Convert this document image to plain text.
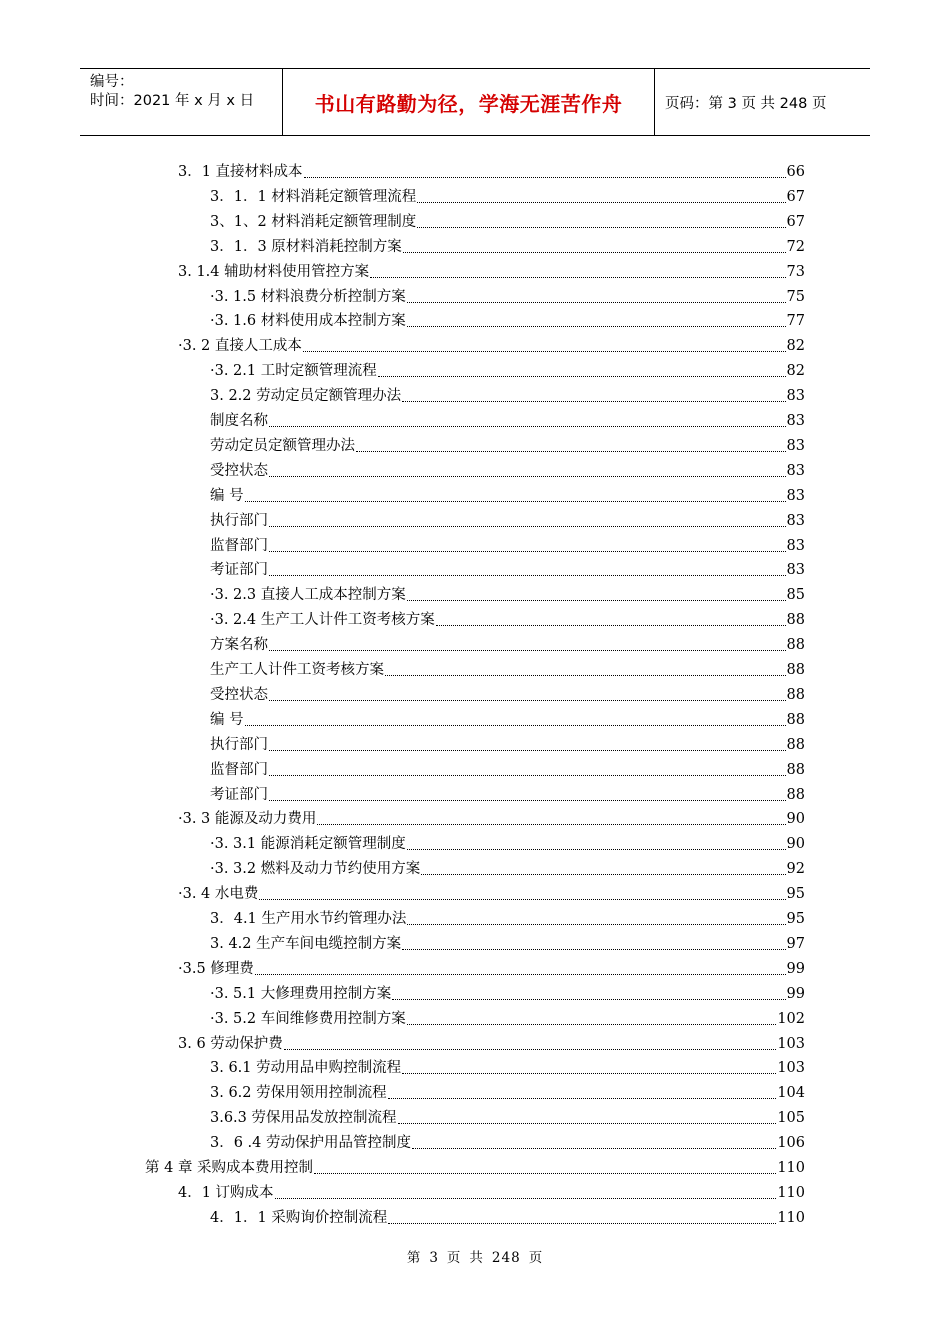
编号：
时间：2021 年 x 月 x 日	书山有路勤为径，学海无涯苦作舟	页码：第 3 页 共 248 页
3．1 直接材料成本	66
3．1．1 材料消耗定额管理流程	67
3、1、2 材料消耗定额管理制度	67
3．1．3 原材料消耗控制方案	72
3. 1.4 辅助材料使用管控方案	73
·3. 1.5 材料浪费分析控制方案	75
·3. 1.6 材料使用成本控制方案	77
·3. 2 直接人工成本	82
·3. 2.1 工时定额管理流程	82
3. 2.2 劳动定员定额管理办法	83
制度名称	83
劳动定员定额管理办法	83
受控状态	83
编 号	83
执行部门	83
监督部门	83
考证部门	83
·3. 2.3 直接人工成本控制方案	85
·3. 2.4 生产工人计件工资考核方案	88
方案名称	88
生产工人计件工资考核方案	88
受控状态	88
编 号	88
执行部门	88
监督部门	88
考证部门	88
·3. 3 能源及动力费用	90
·3. 3.1 能源消耗定额管理制度	90
·3. 3.2 燃料及动力节约使用方案	92
·3. 4 水电费	95
3．4.1 生产用水节约管理办法	95
3. 4.2 生产车间电缆控制方案	97
·3.5 修理费	99
·3. 5.1 大修理费用控制方案	99
·3. 5.2 车间维修费用控制方案	102
3. 6 劳动保护费	103
3. 6.1 劳动用品申购控制流程	103
3. 6.2 劳保用领用控制流程	104
3.6.3 劳保用品发放控制流程	105
3．6 .4 劳动保护用品管控制度	106
第 4 章 采购成本费用控制	110
4．1 订购成本	110
4．1．1 采购询价控制流程	110
第 3 页 共 248 页
